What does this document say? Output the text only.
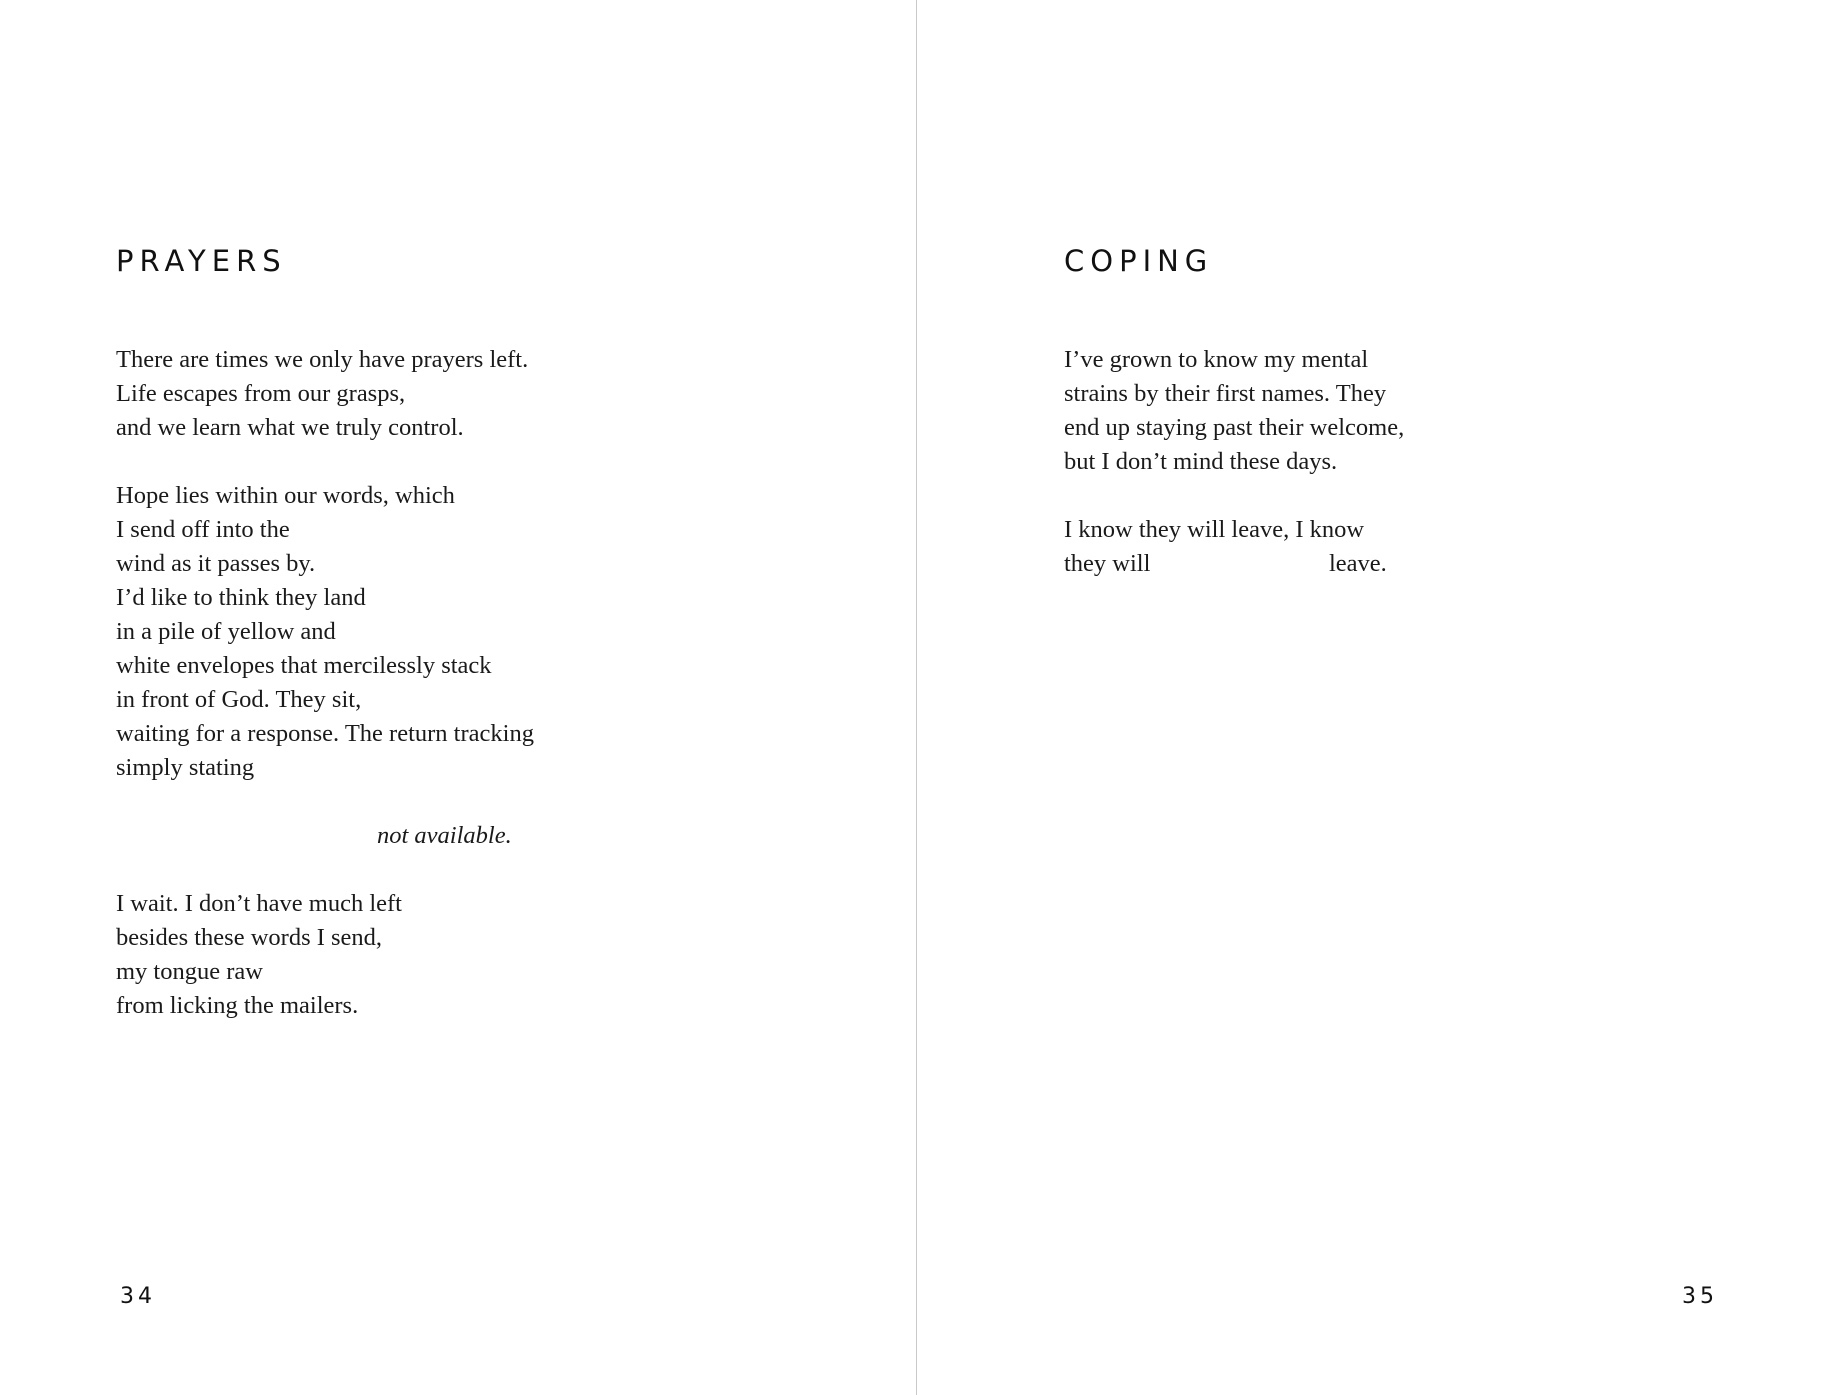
PRAYERS
There are times we only have prayers left.
Life escapes from our grasps,
and we learn what we truly control.
Hope lies within our words, which
I send off into the
wind as it passes by.
I’d like to think they land
in a pile of yellow and
white envelopes that mercilessly stack
in front of God. They sit,
waiting for a response. The return tracking
simply stating
not available.
I wait. I don’t have much left
besides these words I send,
my tongue raw
from licking the mailers.
34
COPING
I’ve grown to know my mental
strains by their first names. They
end up staying past their welcome,
but I don’t mind these days.
I know they will leave, I know
they will	leave.
35
